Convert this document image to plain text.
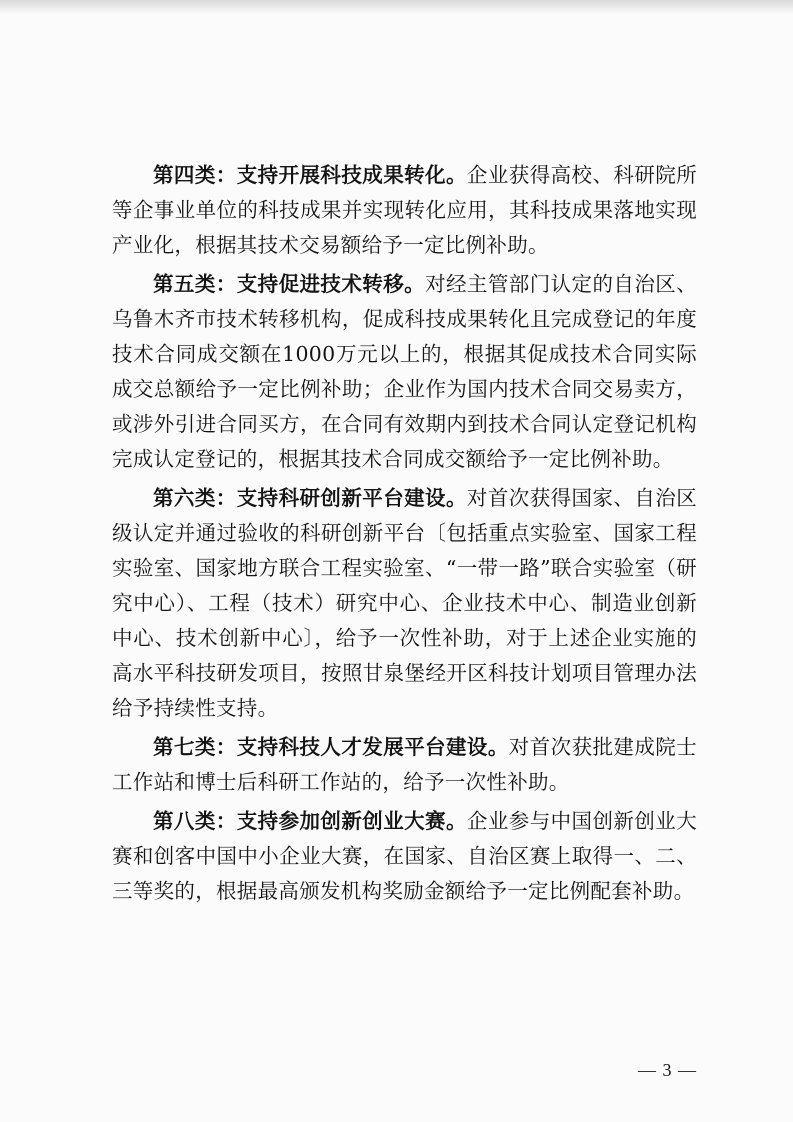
第四类：支持开展科技成果转化。企业获得高校、科研院所等企事业单位的科技成果并实现转化应用，其科技成果落地实现产业化，根据其技术交易额给予一定比例补助。

第五类：支持促进技术转移。对经主管部门认定的自治区、乌鲁木齐市技术转移机构，促成科技成果转化且完成登记的年度技术合同成交额在1000万元以上的，根据其促成技术合同实际成交总额给予一定比例补助；企业作为国内技术合同交易卖方，或涉外引进合同买方，在合同有效期内到技术合同认定登记机构完成认定登记的，根据其技术合同成交额给予一定比例补助。

第六类：支持科研创新平台建设。对首次获得国家、自治区级认定并通过验收的科研创新平台〔包括重点实验室、国家工程实验室、国家地方联合工程实验室、“一带一路”联合实验室（研究中心）、工程（技术）研究中心、企业技术中心、制造业创新中心、技术创新中心〕，给予一次性补助，对于上述企业实施的高水平科技研发项目，按照甘泉堡经开区科技计划项目管理办法给予持续性支持。

第七类：支持科技人才发展平台建设。对首次获批建成院士工作站和博士后科研工作站的，给予一次性补助。

第八类：支持参加创新创业大赛。企业参与中国创新创业大赛和创客中国中小企业大赛，在国家、自治区赛上取得一、二、三等奖的，根据最高颁发机构奖励金额给予一定比例配套补助。

— 3 —
